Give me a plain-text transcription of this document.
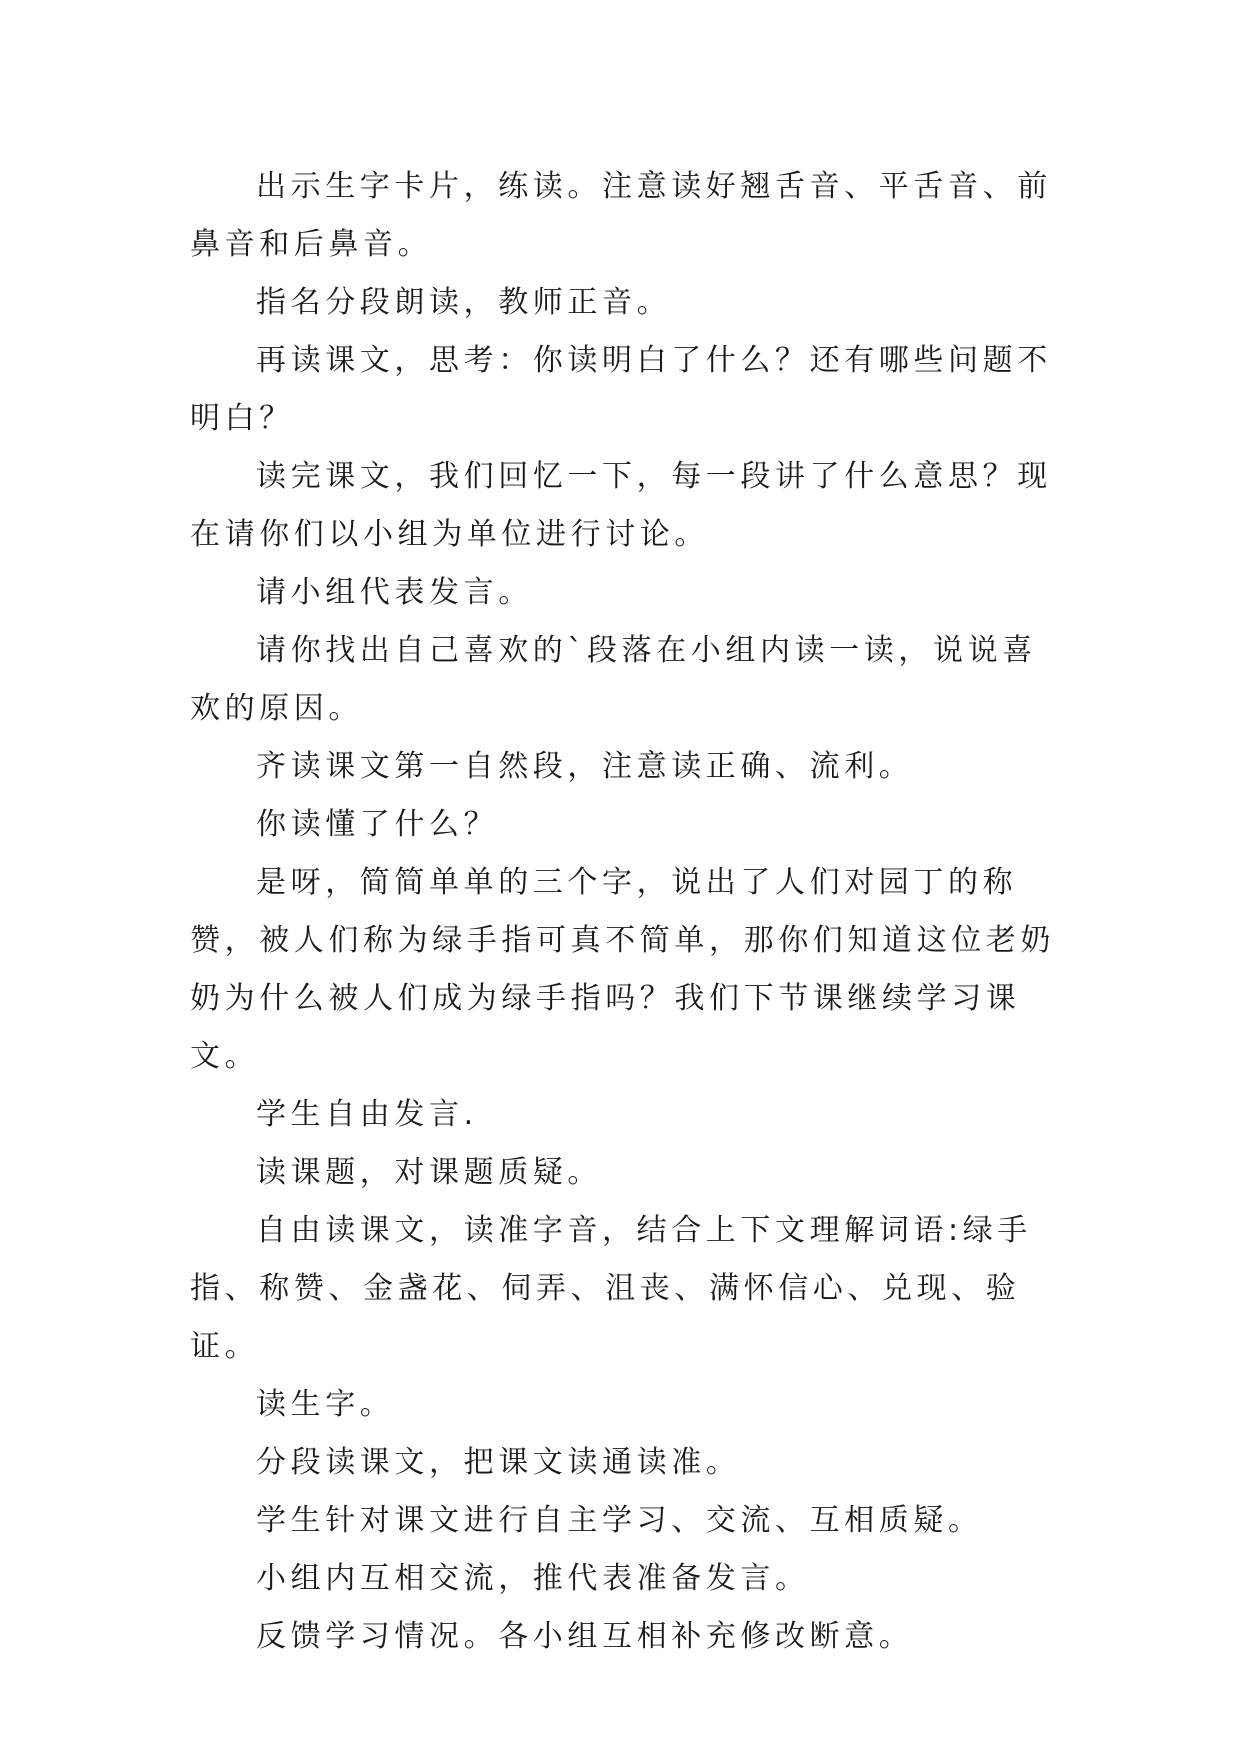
出示生字卡片，练读。注意读好翘舌音、平舌音、前鼻音和后鼻音。

指名分段朗读，教师正音。

再读课文，思考：你读明白了什么？还有哪些问题不明白？

读完课文，我们回忆一下，每一段讲了什么意思？现在请你们以小组为单位进行讨论。

请小组代表发言。

请你找出自己喜欢的`段落在小组内读一读，说说喜欢的原因。

齐读课文第一自然段，注意读正确、流利。

你读懂了什么？

是呀，简简单单的三个字，说出了人们对园丁的称赞，被人们称为绿手指可真不简单，那你们知道这位老奶奶为什么被人们成为绿手指吗？我们下节课继续学习课文。

学生自由发言.

读课题，对课题质疑。

自由读课文，读准字音，结合上下文理解词语:绿手指、称赞、金盏花、伺弄、沮丧、满怀信心、兑现、验证。

读生字。

分段读课文，把课文读通读准。

学生针对课文进行自主学习、交流、互相质疑。

小组内互相交流，推代表准备发言。

反馈学习情况。各小组互相补充修改断意。
